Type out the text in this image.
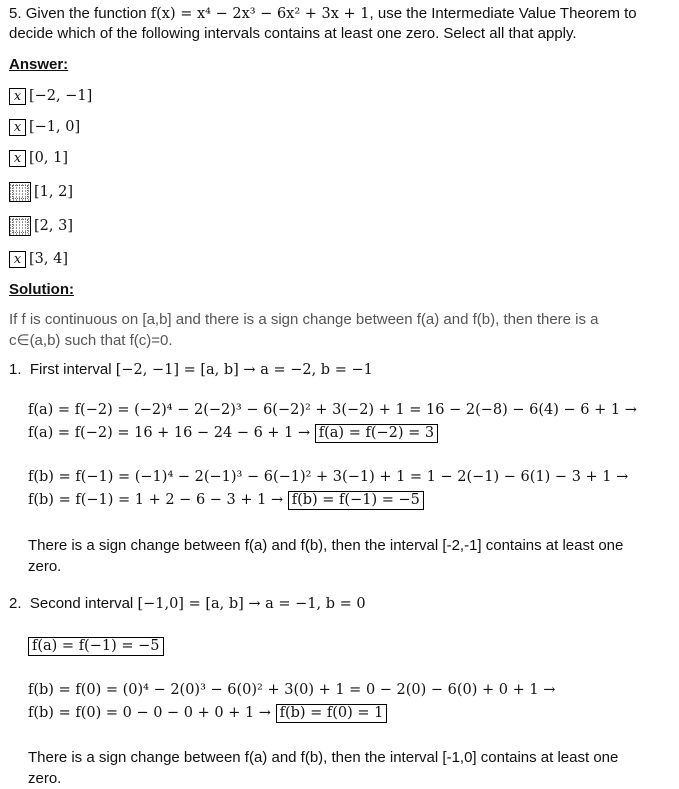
5. Given the function f(x) = x⁴ − 2x³ − 6x² + 3x + 1, use the Intermediate Value Theorem to
decide which of the following intervals contains at least one zero. Select all that apply.
Answer:
x [−2, −1]
x [−1, 0]
x [0, 1]
[1, 2]
[2, 3]
x [3, 4]
Solution:
If f is continuous on [a,b] and there is a sign change between f(a) and f(b), then there is a
c∈(a,b) such that f(c)=0.
1. First interval [−2, −1] = [a, b] → a = −2, b = −1
f(a) = f(−2) = (−2)⁴ − 2(−2)³ − 6(−2)² + 3(−2) + 1 = 16 − 2(−8) − 6(4) − 6 + 1 →
f(a) = f(−2) = 16 + 16 − 24 − 6 + 1 → f(a) = f(−2) = 3
f(b) = f(−1) = (−1)⁴ − 2(−1)³ − 6(−1)² + 3(−1) + 1 = 1 − 2(−1) − 6(1) − 3 + 1 →
f(b) = f(−1) = 1 + 2 − 6 − 3 + 1 → f(b) = f(−1) = −5
There is a sign change between f(a) and f(b), then the interval [-2,-1] contains at least one
zero.
2. Second interval [−1,0] = [a, b] → a = −1, b = 0
f(a) = f(−1) = −5
f(b) = f(0) = (0)⁴ − 2(0)³ − 6(0)² + 3(0) + 1 = 0 − 2(0) − 6(0) + 0 + 1 →
f(b) = f(0) = 0 − 0 − 0 + 0 + 1 → f(b) = f(0) = 1
There is a sign change between f(a) and f(b), then the interval [-1,0] contains at least one
zero.
